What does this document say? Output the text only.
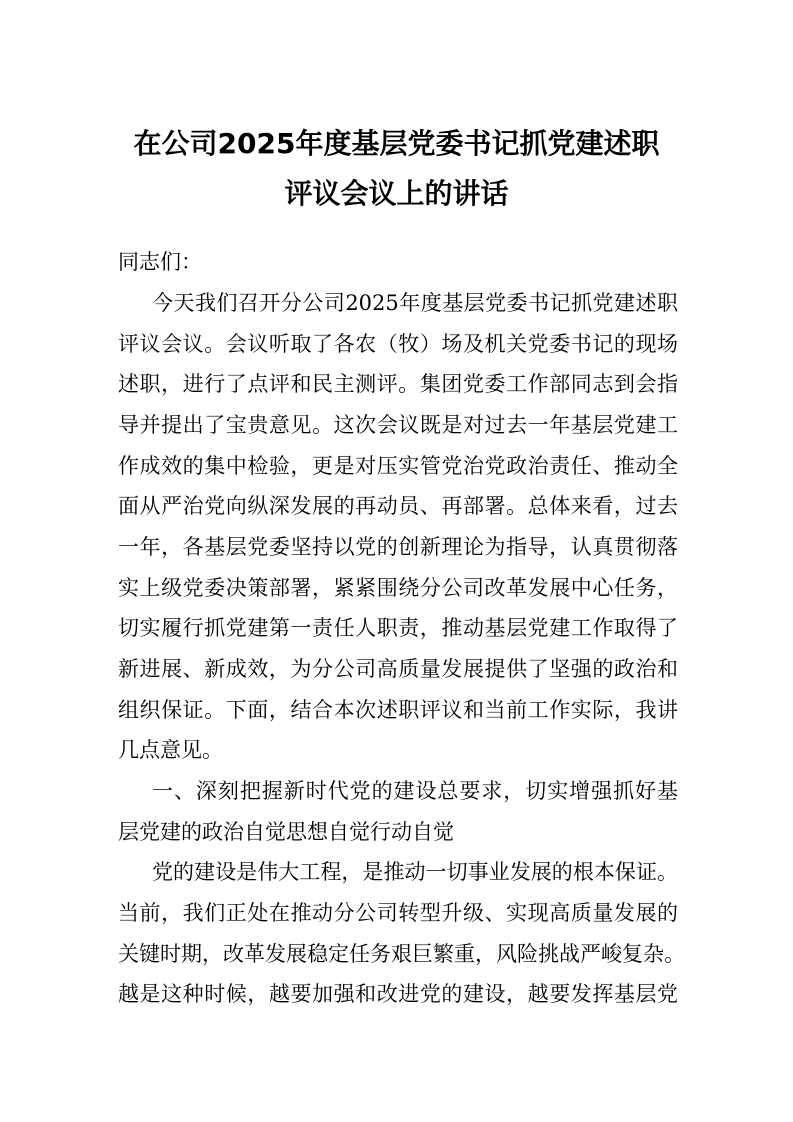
在公司2025年度基层党委书记抓党建述职
评议会议上的讲话
同志们：
今天我们召开分公司2025年度基层党委书记抓党建述职
评议会议。会议听取了各农（牧）场及机关党委书记的现场
述职，进行了点评和民主测评。集团党委工作部同志到会指
导并提出了宝贵意见。这次会议既是对过去一年基层党建工
作成效的集中检验，更是对压实管党治党政治责任、推动全
面从严治党向纵深发展的再动员、再部署。总体来看，过去
一年，各基层党委坚持以党的创新理论为指导，认真贯彻落
实上级党委决策部署，紧紧围绕分公司改革发展中心任务，
切实履行抓党建第一责任人职责，推动基层党建工作取得了
新进展、新成效，为分公司高质量发展提供了坚强的政治和
组织保证。下面，结合本次述职评议和当前工作实际，我讲
几点意见。
一、深刻把握新时代党的建设总要求，切实增强抓好基
层党建的政治自觉思想自觉行动自觉
党的建设是伟大工程，是推动一切事业发展的根本保证。
当前，我们正处在推动分公司转型升级、实现高质量发展的
关键时期，改革发展稳定任务艰巨繁重，风险挑战严峻复杂。
越是这种时候，越要加强和改进党的建设，越要发挥基层党
